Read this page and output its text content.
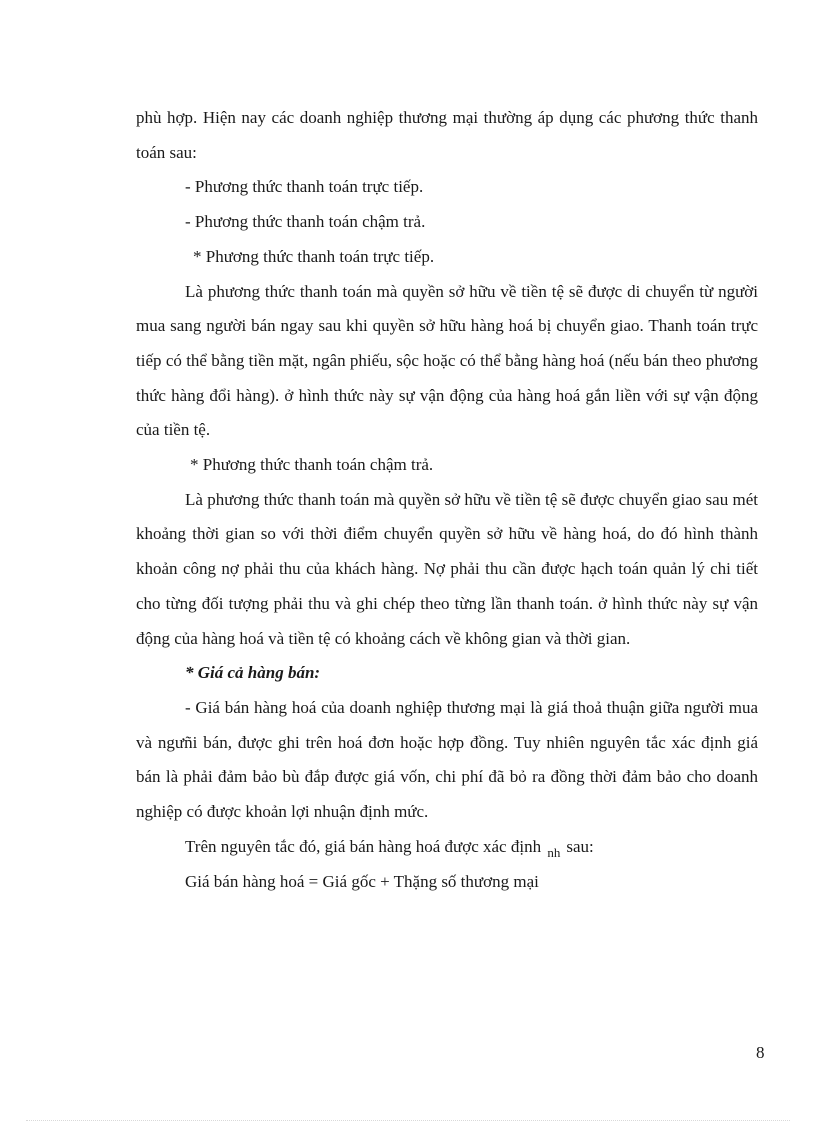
phù hợp. Hiện nay các doanh nghiệp thương mại thường áp dụng các phương thức thanh toán sau:

- Phương thức thanh toán trực tiếp.

- Phương thức thanh toán chậm trả.

* Phương thức thanh toán trực tiếp.

Là phương thức thanh toán mà quyền sở hữu về tiền tệ sẽ được di chuyển từ người mua sang người bán ngay sau khi quyền sở hữu hàng hoá bị chuyển giao. Thanh toán trực tiếp có thể bằng tiền mặt, ngân phiếu, sộc hoặc có thể bằng hàng hoá (nếu bán theo phương thức hàng đổi hàng). ở hình thức này sự vận động của hàng hoá gắn liền với sự vận động của tiền tệ.

* Phương thức thanh toán chậm trả.

Là phương thức thanh toán mà quyền sở hữu về tiền tệ sẽ được chuyển giao sau mét khoảng thời gian so với thời điểm chuyển quyền sở hữu về hàng hoá, do đó hình thành khoản công nợ phải thu của khách hàng. Nợ phải thu cần được hạch toán quản lý chi tiết cho từng đối tượng phải thu và ghi chép theo từng lần thanh toán. ở hình thức này sự vận động của hàng hoá và tiền tệ có khoảng cách về không gian và thời gian.

* Giá cả hàng bán:

- Giá bán hàng hoá của doanh nghiệp thương mại là giá thoả thuận giữa người mua và ngưñi bán, được ghi trên hoá đơn hoặc hợp đồng. Tuy nhiên nguyên tắc xác định giá bán là phải đảm bảo bù đắp được giá vốn, chi phí đã bỏ ra đồng thời đảm bảo cho doanh nghiệp có được khoản lợi nhuận định mức.

Trên nguyên tắc đó, giá bán hàng hoá được xác định $_{nh}$ sau:

Giá bán hàng hoá = Giá gốc + Thặng số thương mại

8
